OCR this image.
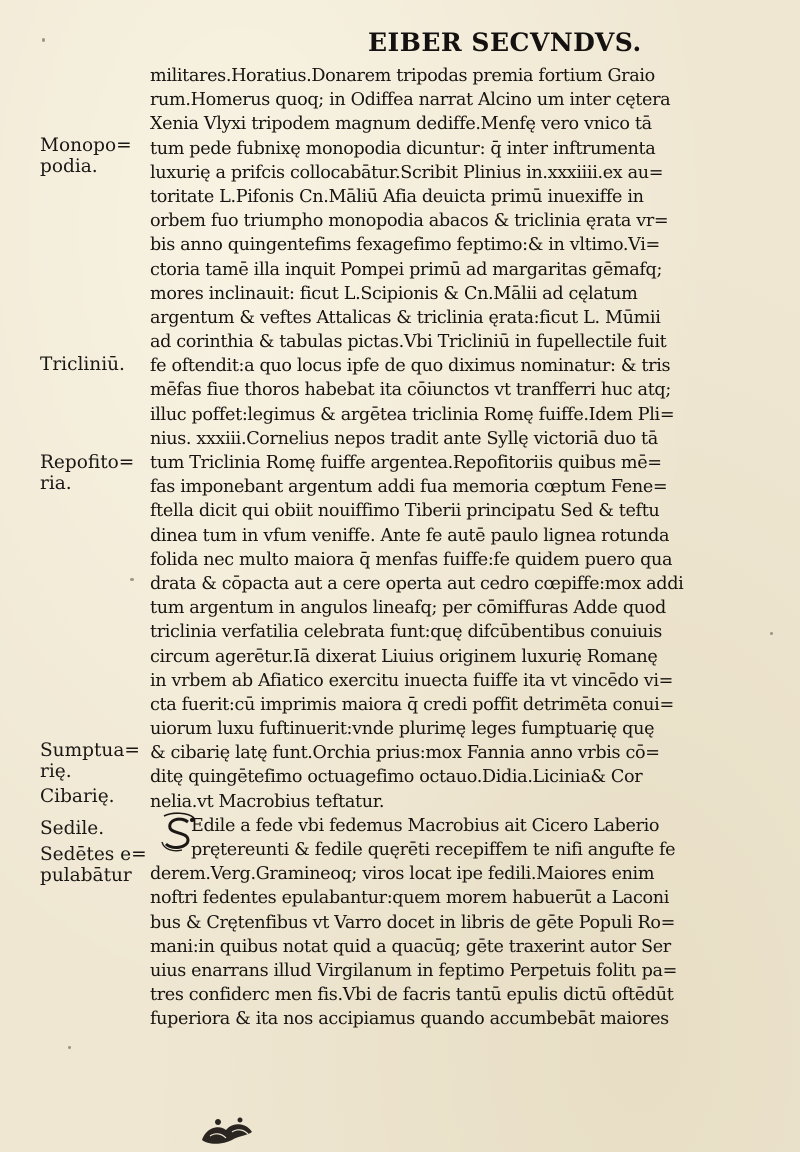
EIBER SECVNDVS.
militares.Horatius.Donarem tripodas premia fortium Graio
rum.Homerus quoq; in Odiffea narrat Alcino um inter cętera
Xenia Vlyxi tripodem magnum dediffe.Menfę vero vnico tā
tum pede fubnixę monopodia dicuntur: q̄ inter inftrumenta
luxurię a prifcis collocabātur.Scribit Plinius in.xxxiiii.ex au=
toritate L.Pifonis Cn.Māliū Afia deuicta primū inuexiffe in
orbem fuo triumpho monopodia abacos & triclinia ęrata vr=
bis anno quingentefims fexagefimo feptimo:& in vltimo.Vi=
ctoria tamē illa inquit Pompei primū ad margaritas gēmafq;
mores inclinauit: ficut L.Scipionis & Cn.Mālii ad cęlatum
argentum & veftes Attalicas & triclinia ęrata:ficut L. Mūmii
ad corinthia & tabulas pictas.Vbi Tricliniū in fupellectile fuit
fe oftendit:a quo locus ipfe de quo diximus nominatur: & tris
mēfas fiue thoros habebat ita cōiunctos vt tranfferri huc atq;
illuc poffet:legimus & argētea triclinia Romę fuiffe.Idem Pli=
nius. xxxiii.Cornelius nepos tradit ante Syllę victoriā duo tā
tum Triclinia Romę fuiffe argentea.Repofitoriis quibus mē=
fas imponebant argentum addi fua memoria cœptum Fene=
ftella dicit qui obiit nouiffimo Tiberii principatu Sed & teftu
dinea tum in vfum veniffe. Ante fe autē paulo lignea rotunda
folida nec multo maiora q̄ menfas fuiffe:fe quidem puero qua
drata & cōpacta aut a cere operta aut cedro cœpiffe:mox addi
tum argentum in angulos lineafq; per cōmiffuras Adde quod
triclinia verfatilia celebrata funt:quę difcūbentibus conuiuis
circum agerētur.Iā dixerat Liuius originem luxurię Romanę
in vrbem ab Afiatico exercitu inuecta fuiffe ita vt vincēdo vi=
cta fuerit:cū imprimis maiora q̄ credi poffit detrimēta conui=
uiorum luxu fuftinuerit:vnde plurimę leges fumptuarię quę
& cibarię latę funt.Orchia prius:mox Fannia anno vrbis cō=
ditę quingētefimo octuagefimo octauo.Didia.Licinia& Cor
nelia.vt Macrobius teftatur.
Edile a fede vbi fedemus Macrobius ait Cicero Laberio
prętereunti & fedile quęrēti recepiffem te nifi angufte fe
derem.Verg.Gramineoq; viros locat ipe fedili.Maiores enim
noftri fedentes epulabantur:quem morem habuerūt a Laconi
bus & Crętenfibus vt Varro docet in libris de gēte Populi Ro=
mani:in quibus notat quid a quacūq; gēte traxerint autor Ser
uius enarrans illud Virgilanum in feptimo Perpetuis folitι pa=
tres confiderc men fis.Vbi de facris tantū epulis dictū oftēdūt
fuperiora & ita nos accipiamus quando accumbebāt maiores
Monopo=
podia.
Tricliniū.
Repofito=
ria.
Sumptua=
rię.
Cibarię.
Sedile.
Sedētes e=
pulabātur
